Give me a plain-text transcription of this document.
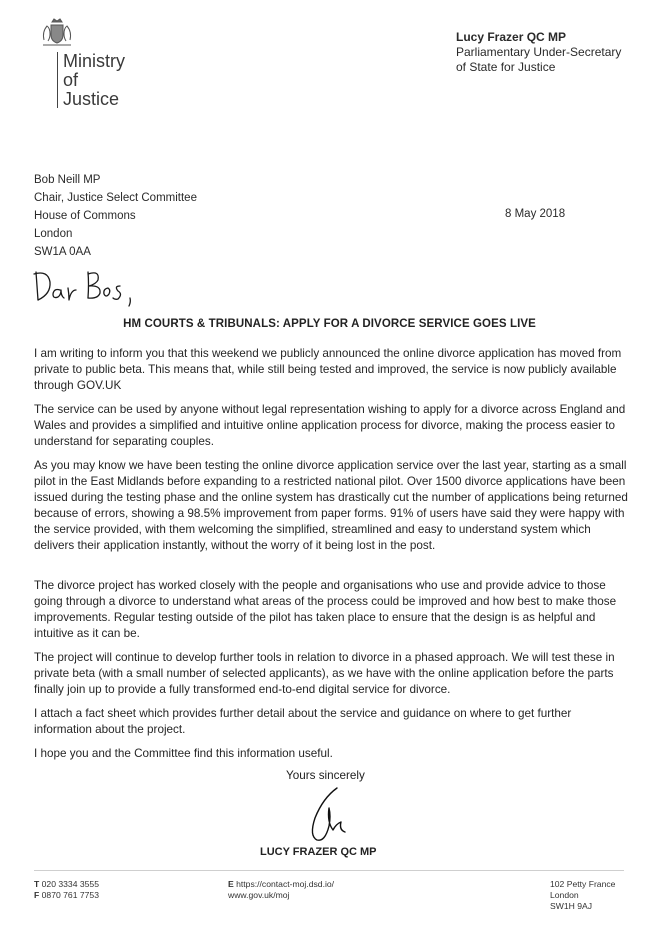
Ministry
of Justice
Lucy Frazer QC MP
Parliamentary Under-Secretary
of State for Justice
Bob Neill MP
Chair, Justice Select Committee
House of Commons
London
SW1A 0AA
8 May 2018
HM COURTS & TRIBUNALS: APPLY FOR A DIVORCE SERVICE GOES LIVE

I am writing to inform you that this weekend we publicly announced the online divorce application has moved from private to public beta. This means that, while still being tested and improved, the service is now publicly available through GOV.UK

The service can be used by anyone without legal representation wishing to apply for a divorce across England and Wales and provides a simplified and intuitive online application process for divorce, making the process easier to understand for separating couples.

As you may know we have been testing the online divorce application service over the last year, starting as a small pilot in the East Midlands before expanding to a restricted national pilot. Over 1500 divorce applications have been issued during the testing phase and the online system has drastically cut the number of applications being returned because of errors, showing a 98.5% improvement from paper forms. 91% of users have said they were happy with the service provided, with them welcoming the simplified, streamlined and easy to understand system which delivers their application instantly, without the worry of it being lost in the post.

The divorce project has worked closely with the people and organisations who use and provide advice to those going through a divorce to understand what areas of the process could be improved and how best to make those improvements. Regular testing outside of the pilot has taken place to ensure that the design is as helpful and intuitive as it can be.

The project will continue to develop further tools in relation to divorce in a phased approach. We will test these in private beta (with a small number of selected applicants), as we have with the online application before the parts finally join up to provide a fully transformed end-to-end digital service for divorce.

I attach a fact sheet which provides further detail about the service and guidance on where to get further information about the project.

I hope you and the Committee find this information useful.

Yours sincerely
LUCY FRAZER QC MP
T 020 3334 3555
F 0870 761 7753
E https://contact-moj.dsd.io/
www.gov.uk/moj
102 Petty France
London
SW1H 9AJ
